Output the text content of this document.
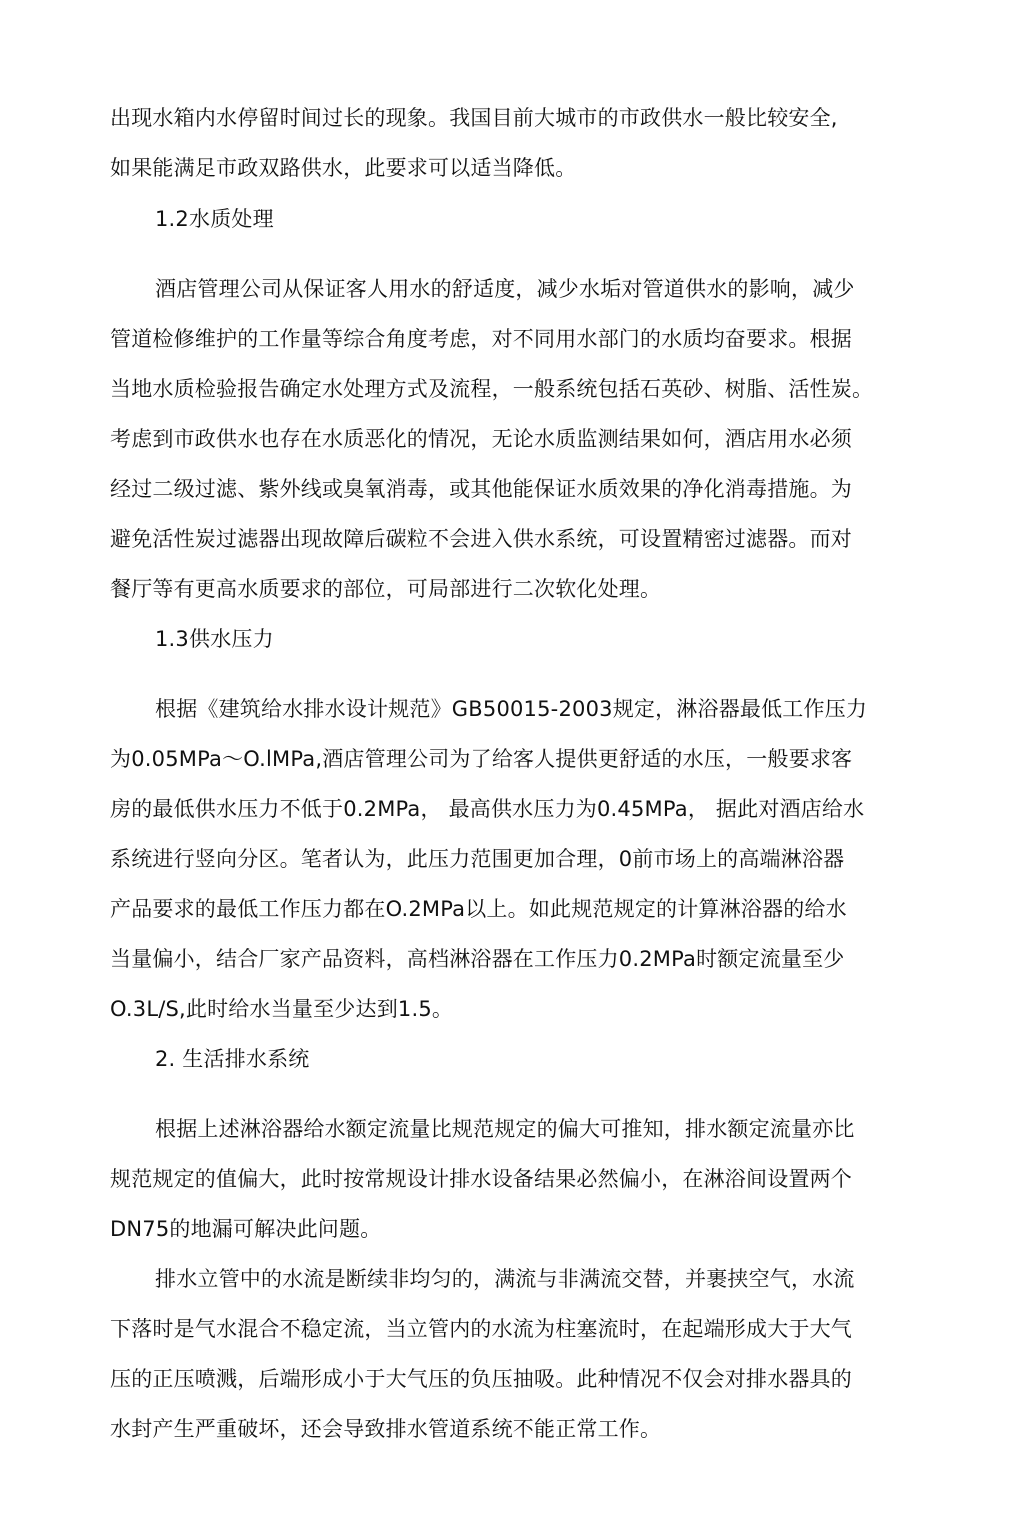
出现水箱内水停留时间过长的现象。我国目前大城市的市政供水一般比较安全,
如果能满足市政双路供水，此要求可以适当降低。
1.2水质处理
酒店管理公司从保证客人用水的舒适度，减少水垢对管道供水的影响，减少
管道检修维护的工作量等综合角度考虑，对不同用水部门的水质均奋要求。根据
当地水质检验报告确定水处理方式及流程，一般系统包括石英砂、树脂、活性炭。
考虑到市政供水也存在水质恶化的情况，无论水质监测结果如何，酒店用水必须
经过二级过滤、紫外线或臭氧消毒，或其他能保证水质效果的净化消毒措施。为
避免活性炭过滤器出现故障后碳粒不会进入供水系统，可设置精密过滤器。而对
餐厅等有更高水质要求的部位，可局部进行二次软化处理。
1.3供水压力
根据《建筑给水排水设计规范》GB50015-2003规定，淋浴器最低工作压力
为0.05MPa～O.lMPa,酒店管理公司为了给客人提供更舒适的水压，一般要求客
房的最低供水压力不低于0.2MPa， 最高供水压力为0.45MPa， 据此对酒店给水
系统进行竖向分区。笔者认为，此压力范围更加合理，0前市场上的高端淋浴器
产品要求的最低工作压力都在O.2MPa以上。如此规范规定的计算淋浴器的给水
当量偏小，结合厂家产品资料，高档淋浴器在工作压力0.2MPa时额定流量至少
O.3L/S,此时给水当量至少达到1.5。
2. 生活排水系统
根据上述淋浴器给水额定流量比规范规定的偏大可推知，排水额定流量亦比
规范规定的值偏大，此时按常规设计排水设备结果必然偏小，在淋浴间设置两个
DN75的地漏可解决此问题。
排水立管中的水流是断续非均匀的，满流与非满流交替，并裹挟空气，水流
下落时是气水混合不稳定流，当立管内的水流为柱塞流时，在起端形成大于大气
压的正压喷溅，后端形成小于大气压的负压抽吸。此种情况不仅会对排水器具的
水封产生严重破坏，还会导致排水管道系统不能正常工作。
